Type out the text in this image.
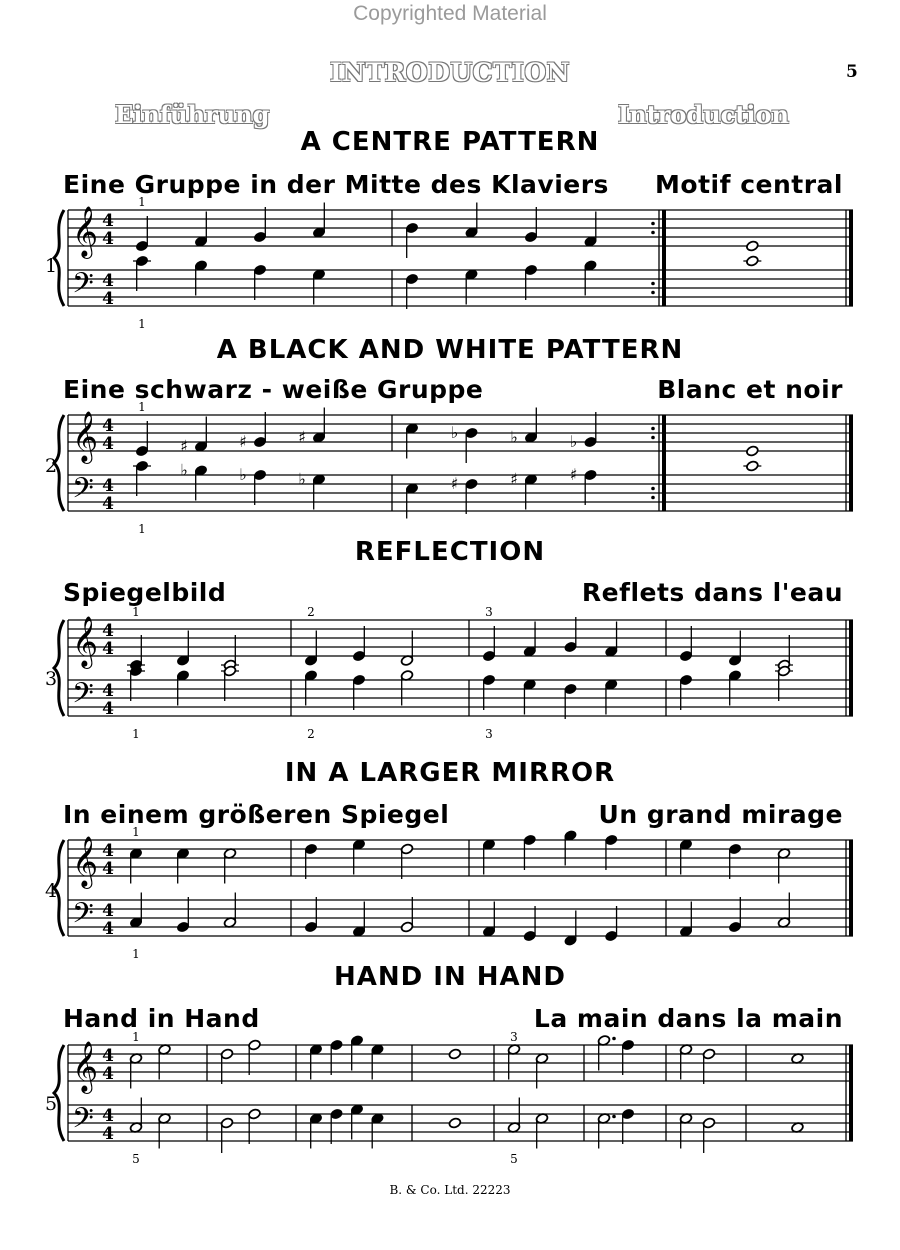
Copyrighted Material
5
INTRODUCTION
Einführung	Introduction
A CENTRE PATTERN
Eine Gruppe in der Mitte des Klaviers Motif central
1
𝄞
𝄢
4
4
4
4
1
1
A BLACK AND WHITE PATTERN
Eine schwarz - weiße Gruppe	Blanc et noir
2
𝄞
𝄢
4
4
4
4
♯	♯	♯
♭	♭	♭
♭	♭	♭
♯	♯	♯
1
1
REFLECTION
Spiegelbild	Reflets dans l'eau
3
𝄞
𝄢
4
4
4
4
1	2	3
1	2	3
IN A LARGER MIRROR
In einem größeren Spiegel	Un grand mirage
4
𝄞
𝄢
4
4
4
4
1
1
HAND IN HAND
Hand in Hand	La main dans la main
5
𝄞
𝄢
4
4
4
4
1	3
5	5
B. & Co. Ltd. 22223
